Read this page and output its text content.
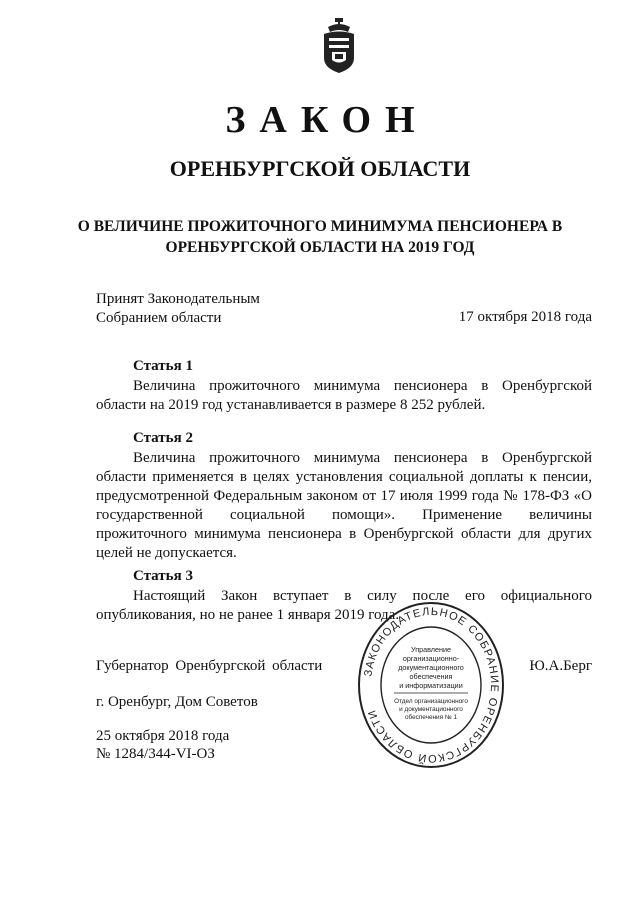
ЗАКОН
ОРЕНБУРГСКОЙ ОБЛАСТИ
О ВЕЛИЧИНЕ ПРОЖИТОЧНОГО МИНИМУМА ПЕНСИОНЕРА В
ОРЕНБУРГСКОЙ ОБЛАСТИ НА 2019 ГОД
Принят Законодательным
Собранием области	17 октября 2018 года
Статья 1
Величина прожиточного минимума пенсионера в Оренбургской области на 2019 год устанавливается в размере 8 252 рублей.
Статья 2
Величина прожиточного минимума пенсионера в Оренбургской области применяется в целях установления социальной доплаты к пенсии, предусмотренной Федеральным законом от 17 июля 1999 года № 178-ФЗ «О государственной социальной помощи». Применение величины прожиточного минимума пенсионера в Оренбургской области для других целей не допускается.
Статья 3
Настоящий Закон вступает в силу после его официального опубликования, но не ранее 1 января 2019 года.
Губернатор Оренбургской области	Ю.А.Берг
г. Оренбург, Дом Советов
25 октября 2018 года
№ 1284/344-VI-ОЗ
ЗАКОНОДАТЕЛЬНОЕ СОБРАНИЕ ОРЕНБУРГСКОЙ ОБЛАСТИ
Управление
организационно-
документационного
обеспечения
и информатизации
Отдел организационного
и документационного
обеспечения № 1
